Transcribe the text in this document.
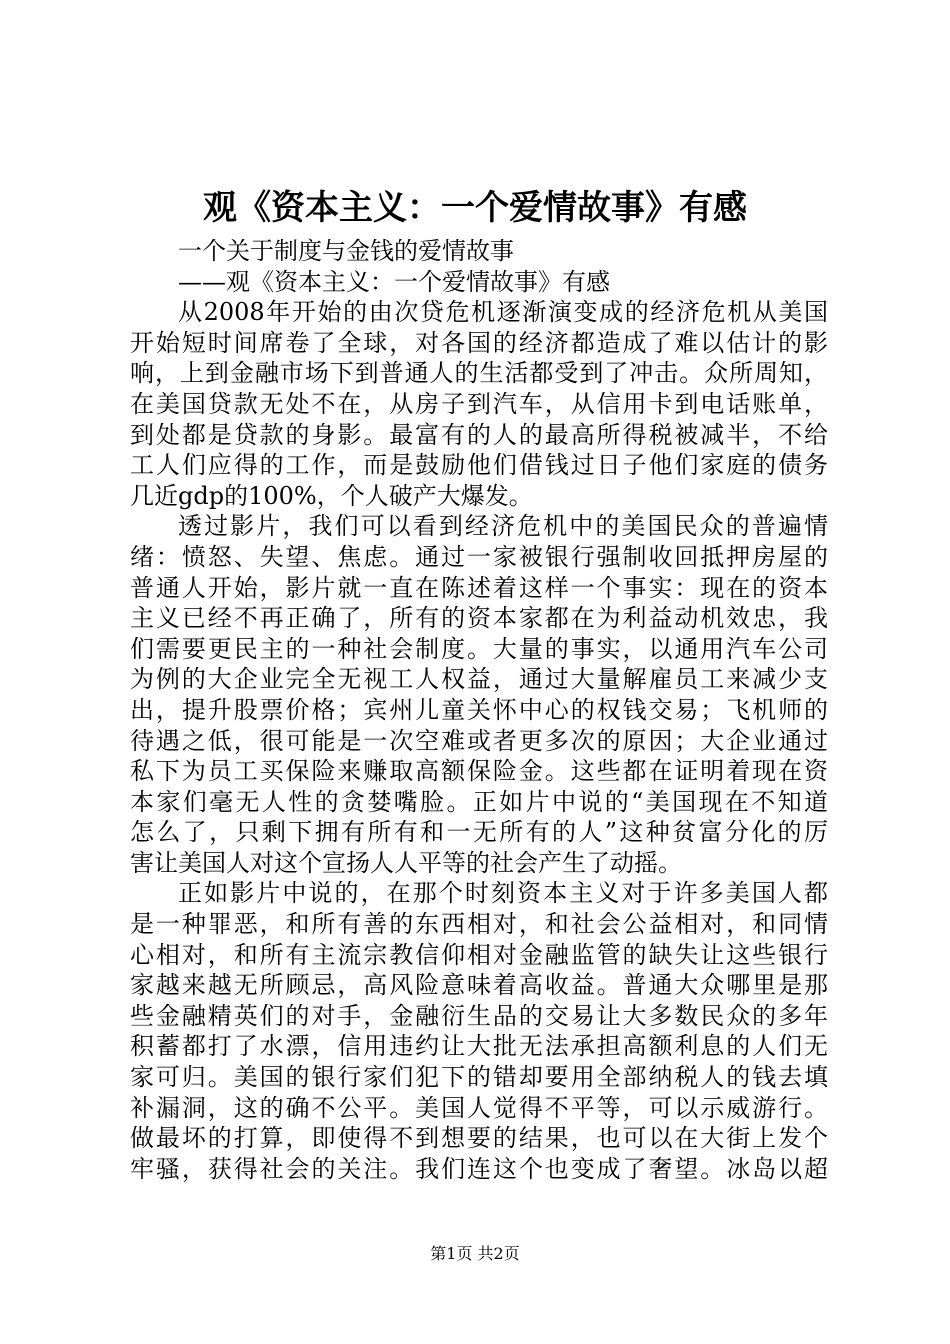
观《资本主义：一个爱情故事》有感
一个关于制度与金钱的爱情故事
——观《资本主义：一个爱情故事》有感
从2008年开始的由次贷危机逐渐演变成的经济危机从美国
开始短时间席卷了全球，对各国的经济都造成了难以估计的影
响，上到金融市场下到普通人的生活都受到了冲击。众所周知，
在美国贷款无处不在，从房子到汽车，从信用卡到电话账单，
到处都是贷款的身影。最富有的人的最高所得税被减半，不给
工人们应得的工作，而是鼓励他们借钱过日子他们家庭的债务
几近gdp的100%，个人破产大爆发。
透过影片，我们可以看到经济危机中的美国民众的普遍情
绪：愤怒、失望、焦虑。通过一家被银行强制收回抵押房屋的
普通人开始，影片就一直在陈述着这样一个事实：现在的资本
主义已经不再正确了，所有的资本家都在为利益动机效忠，我
们需要更民主的一种社会制度。大量的事实，以通用汽车公司
为例的大企业完全无视工人权益，通过大量解雇员工来减少支
出，提升股票价格；宾州儿童关怀中心的权钱交易；飞机师的
待遇之低，很可能是一次空难或者更多次的原因；大企业通过
私下为员工买保险来赚取高额保险金。这些都在证明着现在资
本家们毫无人性的贪婪嘴脸。正如片中说的“美国现在不知道
怎么了，只剩下拥有所有和一无所有的人”这种贫富分化的厉
害让美国人对这个宣扬人人平等的社会产生了动摇。
正如影片中说的，在那个时刻资本主义对于许多美国人都
是一种罪恶，和所有善的东西相对，和社会公益相对，和同情
心相对，和所有主流宗教信仰相对金融监管的缺失让这些银行
家越来越无所顾忌，高风险意味着高收益。普通大众哪里是那
些金融精英们的对手，金融衍生品的交易让大多数民众的多年
积蓄都打了水漂，信用违约让大批无法承担高额利息的人们无
家可归。美国的银行家们犯下的错却要用全部纳税人的钱去填
补漏洞，这的确不公平。美国人觉得不平等，可以示威游行。
做最坏的打算，即使得不到想要的结果，也可以在大街上发个
牢骚，获得社会的关注。我们连这个也变成了奢望。冰岛以超
第1页 共2页
